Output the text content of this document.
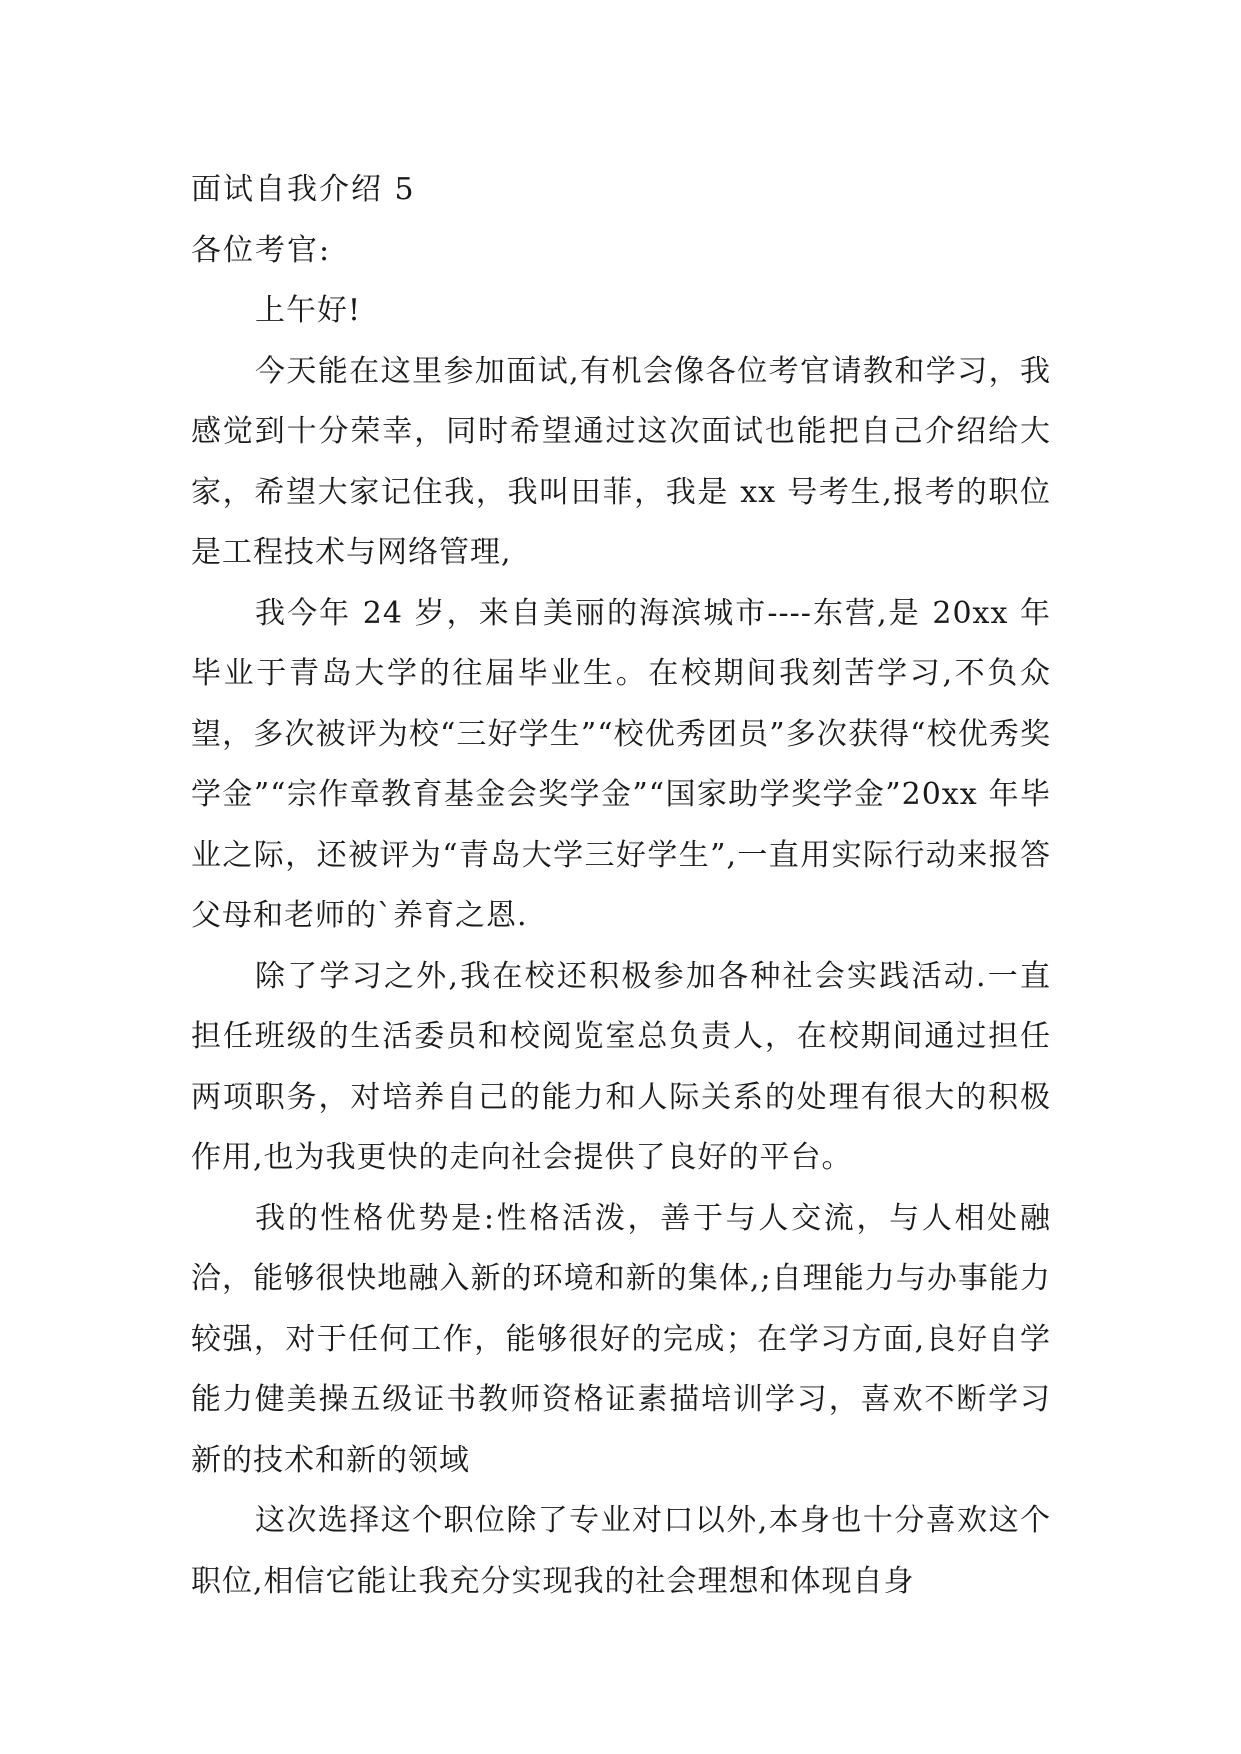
面试自我介绍 5

各位考官:

上午好!

今天能在这里参加面试,有机会像各位考官请教和学习，我感觉到十分荣幸，同时希望通过这次面试也能把自己介绍给大家，希望大家记住我，我叫田菲，我是 xx 号考生,报考的职位是工程技术与网络管理,

我今年 24 岁，来自美丽的海滨城市----东营,是 20xx 年毕业于青岛大学的往届毕业生。在校期间我刻苦学习,不负众望，多次被评为校“三好学生”“校优秀团员”多次获得“校优秀奖学金”“宗作章教育基金会奖学金”“国家助学奖学金”20xx 年毕业之际，还被评为“青岛大学三好学生”,一直用实际行动来报答父母和老师的`养育之恩.

除了学习之外,我在校还积极参加各种社会实践活动.一直担任班级的生活委员和校阅览室总负责人，在校期间通过担任两项职务，对培养自己的能力和人际关系的处理有很大的积极作用,也为我更快的走向社会提供了良好的平台。

我的性格优势是:性格活泼，善于与人交流，与人相处融洽，能够很快地融入新的环境和新的集体,;自理能力与办事能力较强，对于任何工作，能够很好的完成；在学习方面,良好自学能力健美操五级证书教师资格证素描培训学习，喜欢不断学习新的技术和新的领域

这次选择这个职位除了专业对口以外,本身也十分喜欢这个职位,相信它能让我充分实现我的社会理想和体现自身
